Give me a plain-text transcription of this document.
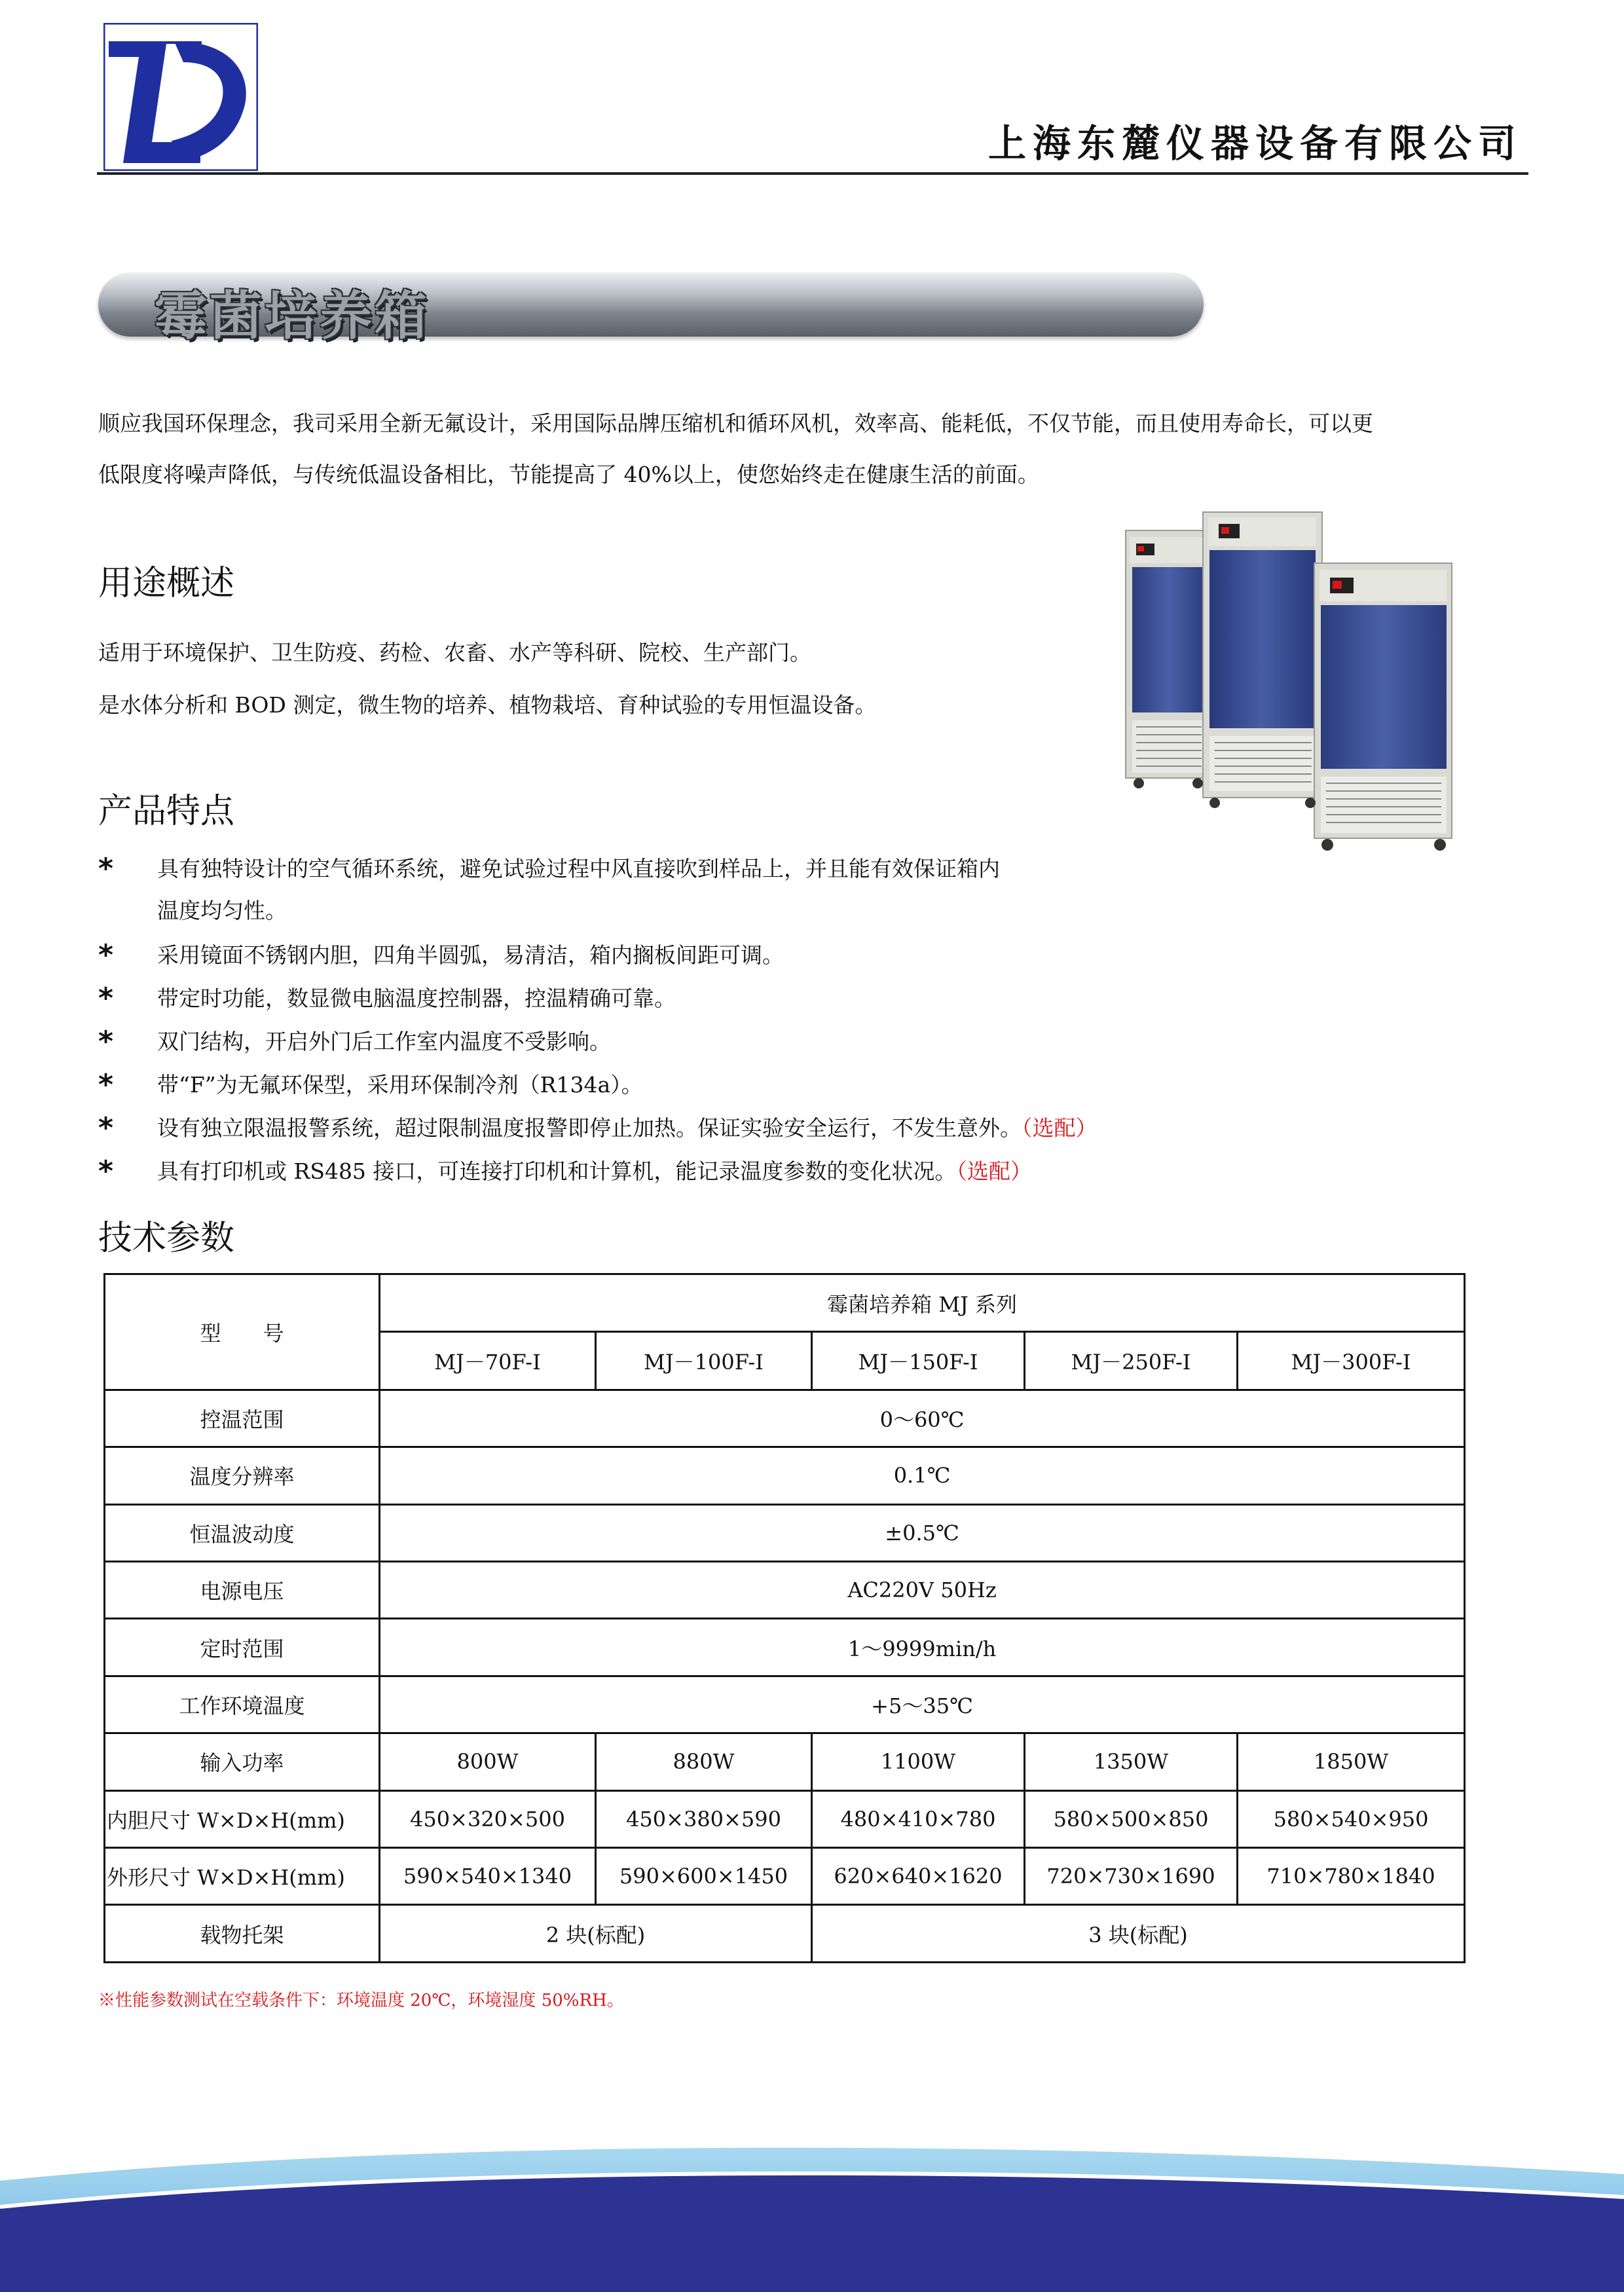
上海东麓仪器设备有限公司
霉菌培养箱
顺应我国环保理念，我司采用全新无氟设计，采用国际品牌压缩机和循环风机，效率高、能耗低，不仅节能，而且使用寿命长，可以更
低限度将噪声降低，与传统低温设备相比，节能提高了 40%以上，使您始终走在健康生活的前面。
用途概述
适用于环境保护、卫生防疫、药检、农畜、水产等科研、院校、生产部门。
是水体分析和 BOD 测定，微生物的培养、植物栽培、育种试验的专用恒温设备。
产品特点
* 具有独特设计的空气循环系统，避免试验过程中风直接吹到样品上，并且能有效保证箱内
温度均匀性。
* 采用镜面不锈钢内胆，四角半圆弧，易清洁，箱内搁板间距可调。
* 带定时功能，数显微电脑温度控制器，控温精确可靠。
* 双门结构，开启外门后工作室内温度不受影响。
* 带“F”为无氟环保型，采用环保制冷剂（R134a）。
* 设有独立限温报警系统，超过限制温度报警即停止加热。保证实验安全运行，不发生意外。（选配）
* 具有打印机或 RS485 接口，可连接打印机和计算机，能记录温度参数的变化状况。（选配）
技术参数
型　　号	霉菌培养箱 MJ 系列				
	MJ－70F-I	MJ－100F-I	MJ－150F-I	MJ－250F-I	MJ－300F-I
控温范围	0～60℃				
温度分辨率	0.1℃				
恒温波动度	±0.5℃				
电源电压	AC220V 50Hz				
定时范围	1～9999min/h				
工作环境温度	+5～35℃				
输入功率	800W	880W	1100W	1350W	1850W
内胆尺寸 W×D×H(mm)	450×320×500	450×380×590	480×410×780	580×500×850	580×540×950
外形尺寸 W×D×H(mm)	590×540×1340	590×600×1450	620×640×1620	720×730×1690	710×780×1840
载物托架	2 块(标配)		3 块(标配)		
※性能参数测试在空载条件下：环境温度 20℃，环境湿度 50%RH。
